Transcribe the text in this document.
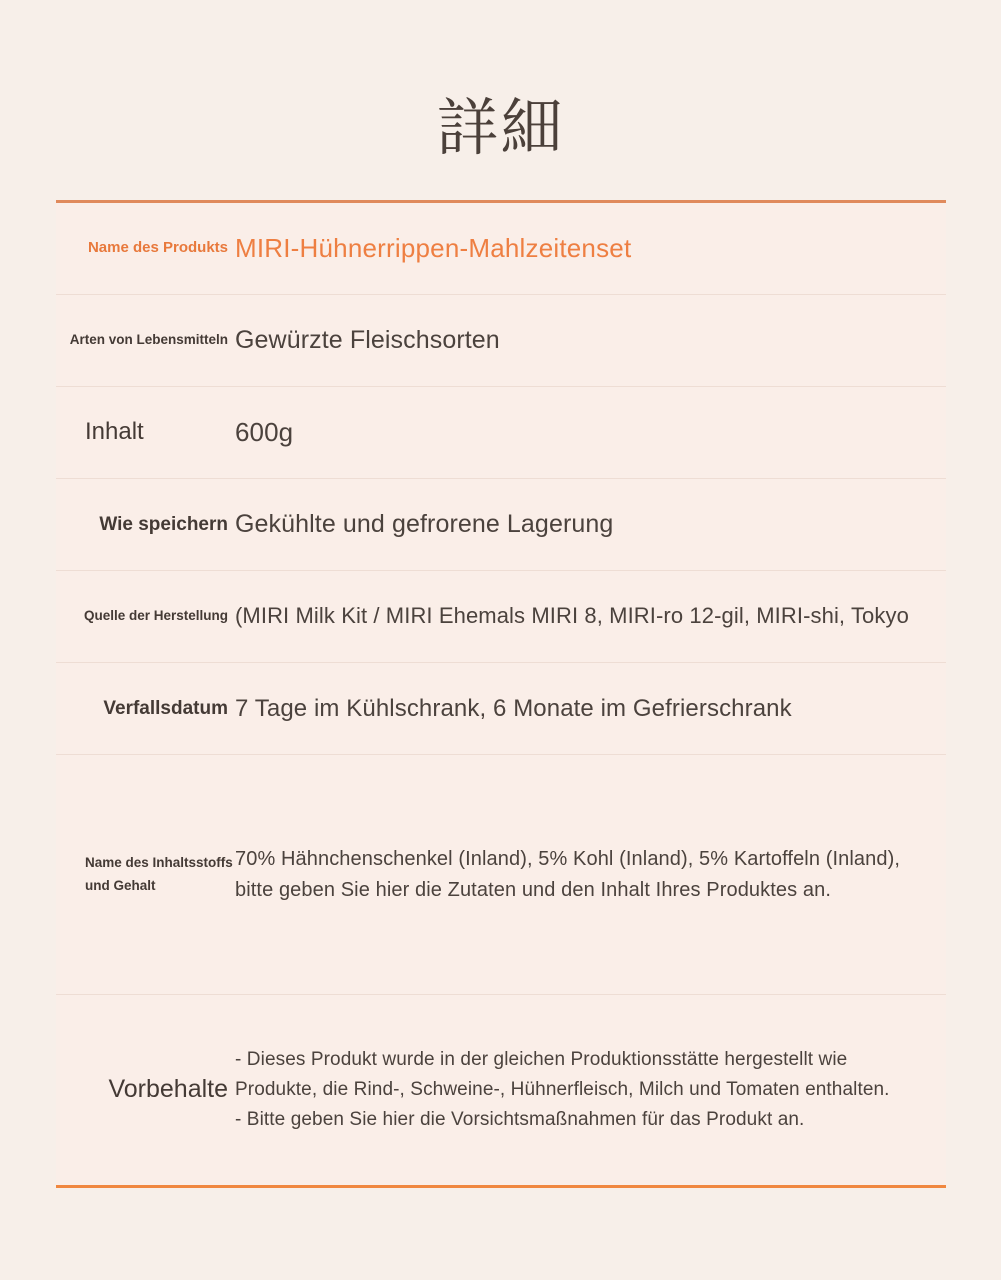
詳細
Name des Produkts MIRI-Hühnerrippen-Mahlzeitenset
Arten von Lebensmitteln Gewürzte Fleischsorten
Inhalt	600g
Wie speichern Gekühlte und gefrorene Lagerung
Quelle der Herstellung (MIRI Milk Kit / MIRI Ehemals MIRI 8, MIRI-ro 12-gil, MIRI-shi, Tokyo
Verfallsdatum 7 Tage im Kühlschrank, 6 Monate im Gefrierschrank
Name des Inhaltsstoffs
und Gehalt
70% Hähnchenschenkel (Inland), 5% Kohl (Inland), 5% Kartoffeln (Inland),
bitte geben Sie hier die Zutaten und den Inhalt Ihres Produktes an.
Vorbehalte
- Dieses Produkt wurde in der gleichen Produktionsstätte hergestellt wie
Produkte, die Rind-, Schweine-, Hühnerfleisch, Milch und Tomaten enthalten.
- Bitte geben Sie hier die Vorsichtsmaßnahmen für das Produkt an.
